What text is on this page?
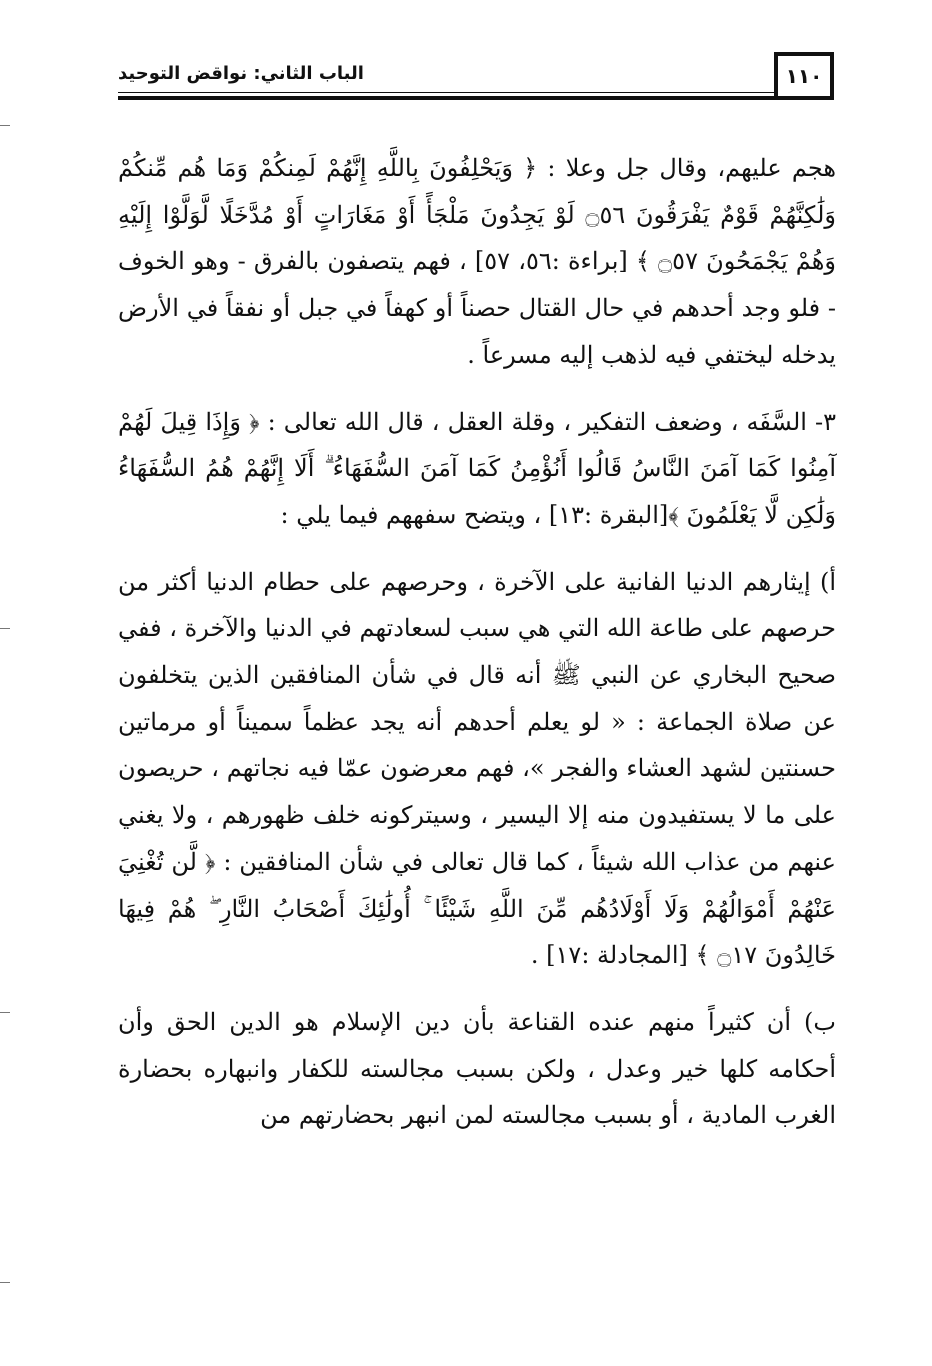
الباب الثاني: نواقض التوحيد	١١٠

هجم عليهم، وقال جل وعلا : ﴿ وَيَحْلِفُونَ بِاللَّهِ إِنَّهُمْ لَمِنكُمْ وَمَا هُم مِّنكُمْ وَلَٰكِنَّهُمْ قَوْمٌ يَفْرَقُونَ ۝٥٦ لَوْ يَجِدُونَ مَلْجَأً أَوْ مَغَارَاتٍ أَوْ مُدَّخَلًا لَّوَلَّوْا إِلَيْهِ وَهُمْ يَجْمَحُونَ ۝٥٧ ﴾ [براءة :٥٦، ٥٧] ، فهم يتصفون بالفرق - وهو الخوف - فلو وجد أحدهم في حال القتال حصناً أو كهفاً في جبل أو نفقاً في الأرض يدخله ليختفي فيه لذهب إليه مسرعاً .

٣- السَّفَه ، وضعف التفكير ، وقلة العقل ، قال الله تعالى : ﴿ وَإِذَا قِيلَ لَهُمْ آمِنُوا كَمَا آمَنَ النَّاسُ قَالُوا أَنُؤْمِنُ كَمَا آمَنَ السُّفَهَاءُ ۗ أَلَا إِنَّهُمْ هُمُ السُّفَهَاءُ وَلَٰكِن لَّا يَعْلَمُونَ ﴾[البقرة :١٣] ، ويتضح سفههم فيما يلي :

أ) إيثارهم الدنيا الفانية على الآخرة ، وحرصهم على حطام الدنيا أكثر من حرصهم على طاعة الله التي هي سبب لسعادتهم في الدنيا والآخرة ، ففي صحيح البخاري عن النبي ﷺ أنه قال في شأن المنافقين الذين يتخلفون عن صلاة الجماعة : « لو يعلم أحدهم أنه يجد عظماً سميناً أو مرماتين حسنتين لشهد العشاء والفجر »، فهم معرضون عمّا فيه نجاتهم ، حريصون على ما لا يستفيدون منه إلا اليسير ، وسيتركونه خلف ظهورهم ، ولا يغني عنهم من عذاب الله شيئاً ، كما قال تعالى في شأن المنافقين : ﴿ لَّن تُغْنِيَ عَنْهُمْ أَمْوَالُهُمْ وَلَا أَوْلَادُهُم مِّنَ اللَّهِ شَيْئًا ۚ أُولَٰئِكَ أَصْحَابُ النَّارِ ۖ هُمْ فِيهَا خَالِدُونَ ۝١٧ ﴾ [المجادلة :١٧] .

ب) أن كثيراً منهم عنده القناعة بأن دين الإسلام هو الدين الحق وأن أحكامه كلها خير وعدل ، ولكن بسبب مجالسته للكفار وانبهاره بحضارة الغرب المادية ، أو بسبب مجالسته لمن انبهر بحضارتهم من
